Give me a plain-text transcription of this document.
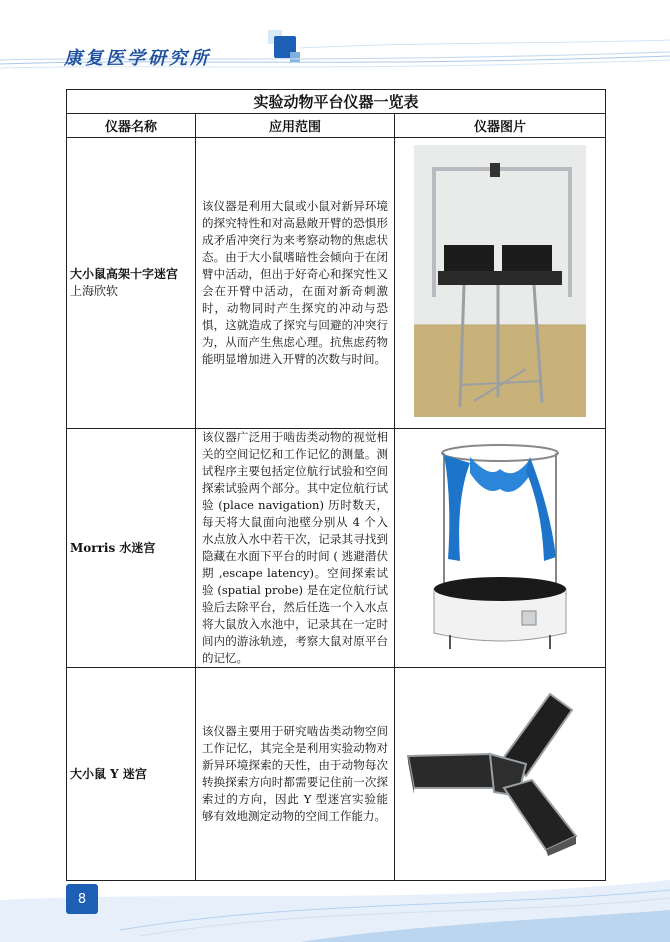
康复医学研究所
实验动物平台仪器一览表		
仪器名称	应用范围	仪器图片

大小鼠高架十字迷宫
上海欣软	该仪器是利用大鼠或小鼠对新异环境的探究特性和对高悬敞开臂的恐惧形成矛盾冲突行为来考察动物的焦虑状态。由于大小鼠嗜暗性会倾向于在闭臂中活动，但出于好奇心和探究性又会在开臂中活动，在面对新奇刺激时，动物同时产生探究的冲动与恐惧，这就造成了探究与回避的冲突行为，从而产生焦虑心理。抗焦虑药物能明显增加进入开臂的次数与时间。	

Morris 水迷宫	该仪器广泛用于啮齿类动物的视觉相关的空间记忆和工作记忆的测量。测试程序主要包括定位航行试验和空间探索试验两个部分。其中定位航行试验 (place navigation) 历时数天，每天将大鼠面向池壁分别从 4 个入水点放入水中若干次，记录其寻找到隐藏在水面下平台的时间 ( 逃避潜伏期 ,escape latency)。空间探索试验 (spatial probe) 是在定位航行试验后去除平台，然后任选一个入水点将大鼠放入水池中，记录其在一定时间内的游泳轨迹，考察大鼠对原平台的记忆。	

大小鼠 Y 迷宫	该仪器主要用于研究啮齿类动物空间工作记忆，其完全是利用实验动物对新异环境探索的天性，由于动物每次转换探索方向时都需要记住前一次探索过的方向，因此 Y 型迷宫实验能够有效地测定动物的空间工作能力。	
8
